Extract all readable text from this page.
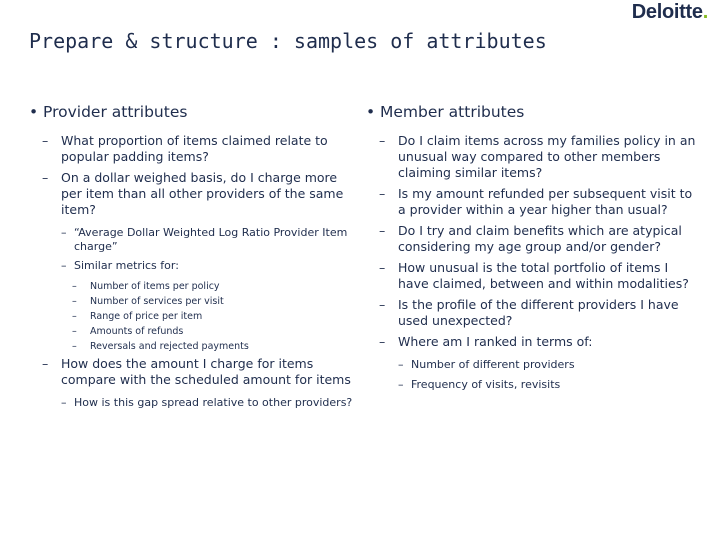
Deloitte.
Prepare & structure : samples of attributes
• Provider attributes
– What proportion of items claimed relate to popular padding items?
– On a dollar weighed basis, do I charge more per item than all other providers of the same item?
– “Average Dollar Weighted Log Ratio Provider Item charge”
– Similar metrics for:
– Number of items per policy
– Number of services per visit
– Range of price per item
– Amounts of refunds
– Reversals and rejected payments
– How does the amount I charge for items compare with the scheduled amount for items
– How is this gap spread relative to other providers?
• Member attributes
– Do I claim items across my families policy in an unusual way compared to other members claiming similar items?
– Is my amount refunded per subsequent visit to a provider within a year higher than usual?
– Do I try and claim benefits which are atypical considering my age group and/or gender?
– How unusual is the total portfolio of items I have claimed, between and within modalities?
– Is the profile of the different providers I have used unexpected?
– Where am I ranked in terms of:
– Number of different providers
– Frequency of visits, revisits
